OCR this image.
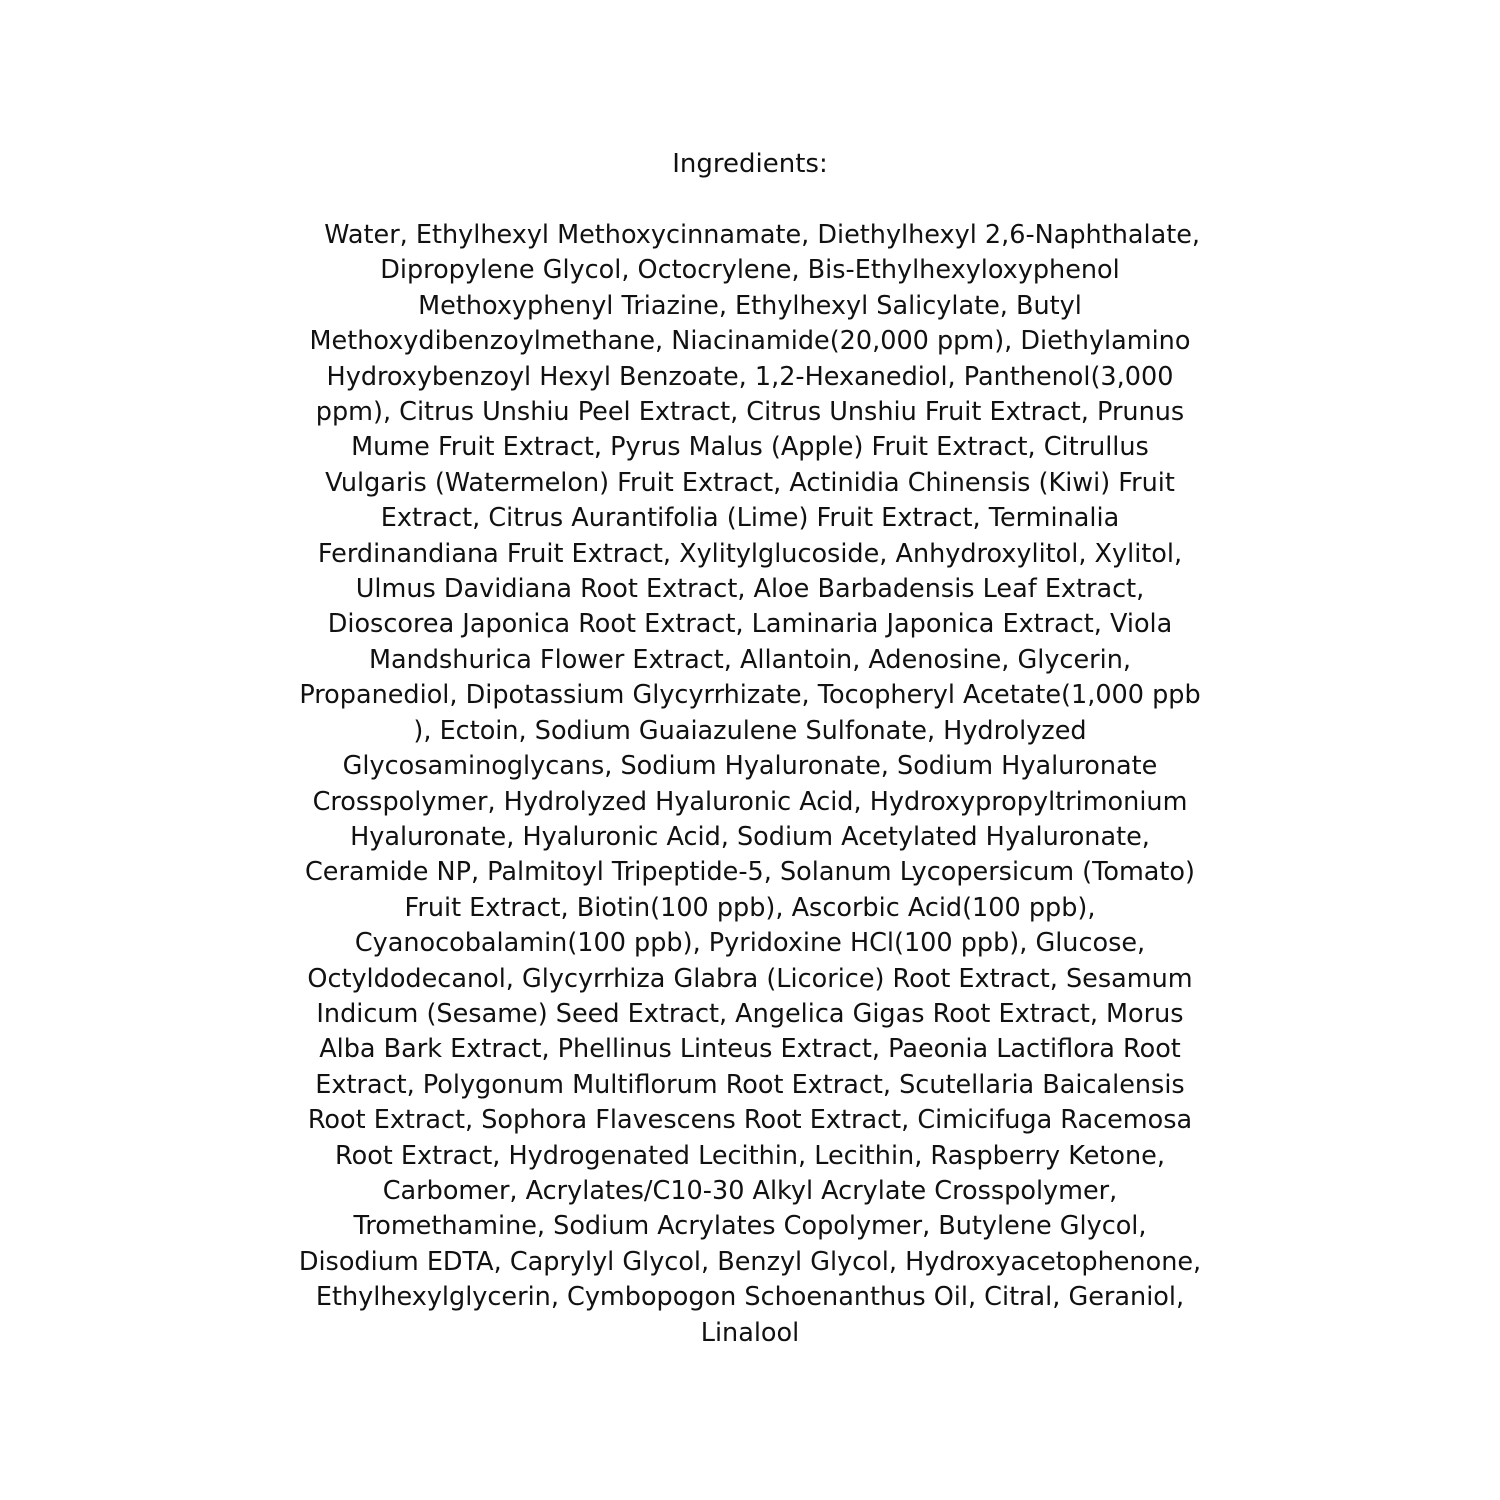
Ingredients:

Water, Ethylhexyl Methoxycinnamate, Diethylhexyl 2,6-Naphthalate,
Dipropylene Glycol, Octocrylene, Bis-Ethylhexyloxyphenol
Methoxyphenyl Triazine, Ethylhexyl Salicylate, Butyl
Methoxydibenzoylmethane, Niacinamide(20,000 ppm), Diethylamino
Hydroxybenzoyl Hexyl Benzoate, 1,2-Hexanediol, Panthenol(3,000
ppm), Citrus Unshiu Peel Extract, Citrus Unshiu Fruit Extract, Prunus
Mume Fruit Extract, Pyrus Malus (Apple) Fruit Extract, Citrullus
Vulgaris (Watermelon) Fruit Extract, Actinidia Chinensis (Kiwi) Fruit
Extract, Citrus Aurantifolia (Lime) Fruit Extract, Terminalia
Ferdinandiana Fruit Extract, Xylitylglucoside, Anhydroxylitol, Xylitol,
Ulmus Davidiana Root Extract, Aloe Barbadensis Leaf Extract,
Dioscorea Japonica Root Extract, Laminaria Japonica Extract, Viola
Mandshurica Flower Extract, Allantoin, Adenosine, Glycerin,
Propanediol, Dipotassium Glycyrrhizate, Tocopheryl Acetate(1,000 ppb
), Ectoin, Sodium Guaiazulene Sulfonate, Hydrolyzed
Glycosaminoglycans, Sodium Hyaluronate, Sodium Hyaluronate
Crosspolymer, Hydrolyzed Hyaluronic Acid, Hydroxypropyltrimonium
Hyaluronate, Hyaluronic Acid, Sodium Acetylated Hyaluronate,
Ceramide NP, Palmitoyl Tripeptide-5, Solanum Lycopersicum (Tomato)
Fruit Extract, Biotin(100 ppb), Ascorbic Acid(100 ppb),
Cyanocobalamin(100 ppb), Pyridoxine HCl(100 ppb), Glucose,
Octyldodecanol, Glycyrrhiza Glabra (Licorice) Root Extract, Sesamum
Indicum (Sesame) Seed Extract, Angelica Gigas Root Extract, Morus
Alba Bark Extract, Phellinus Linteus Extract, Paeonia Lactiflora Root
Extract, Polygonum Multiflorum Root Extract, Scutellaria Baicalensis
Root Extract, Sophora Flavescens Root Extract, Cimicifuga Racemosa
Root Extract, Hydrogenated Lecithin, Lecithin, Raspberry Ketone,
Carbomer, Acrylates/C10-30 Alkyl Acrylate Crosspolymer,
Tromethamine, Sodium Acrylates Copolymer, Butylene Glycol,
Disodium EDTA, Caprylyl Glycol, Benzyl Glycol, Hydroxyacetophenone,
Ethylhexylglycerin, Cymbopogon Schoenanthus Oil, Citral, Geraniol,
Linalool
